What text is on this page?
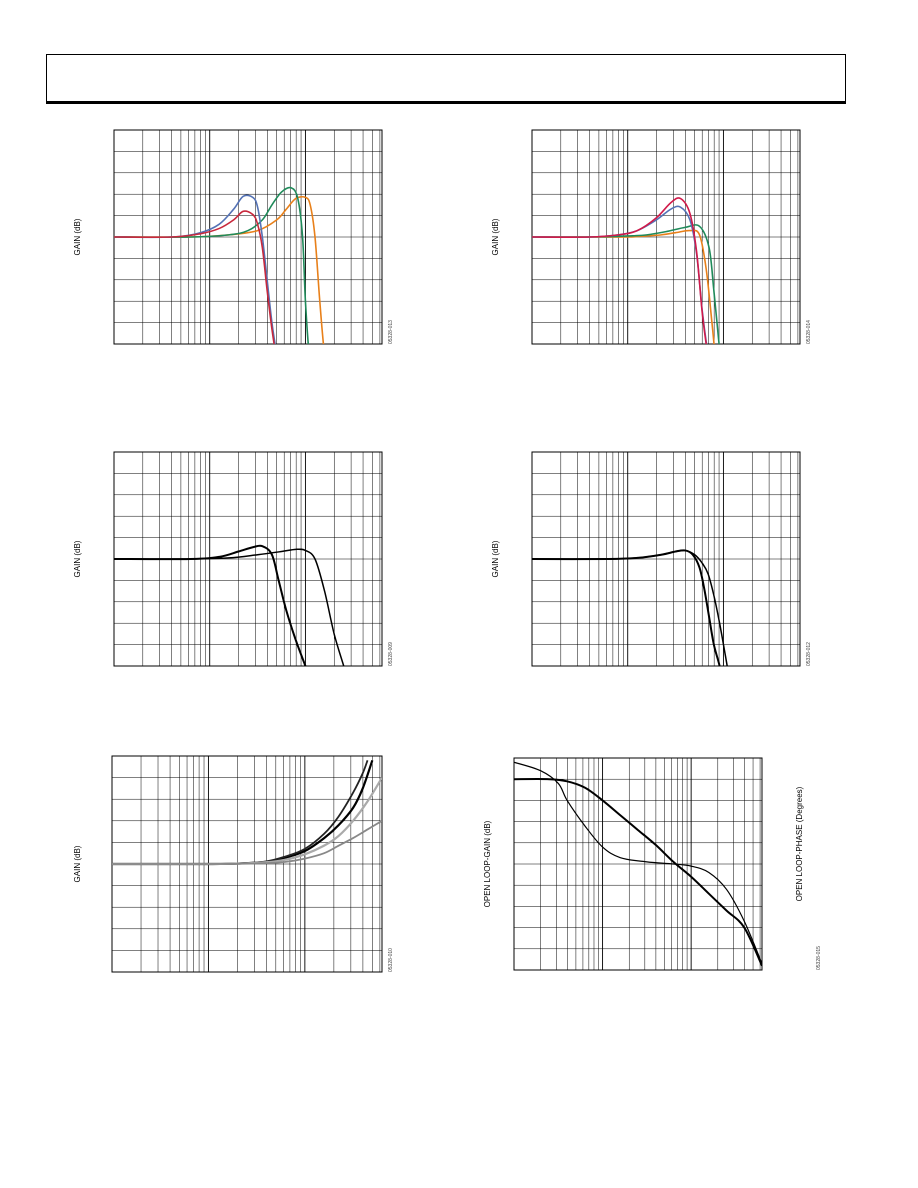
GAIN (dB)
05328-013
GAIN (dB)
05328-014
GAIN (dB)
05328-009
GAIN (dB)
05328-012
GAIN (dB)
05328-010
OPEN LOOP-GAIN (dB)	OPEN LOOP-PHASE (Degrees)
05328-015
